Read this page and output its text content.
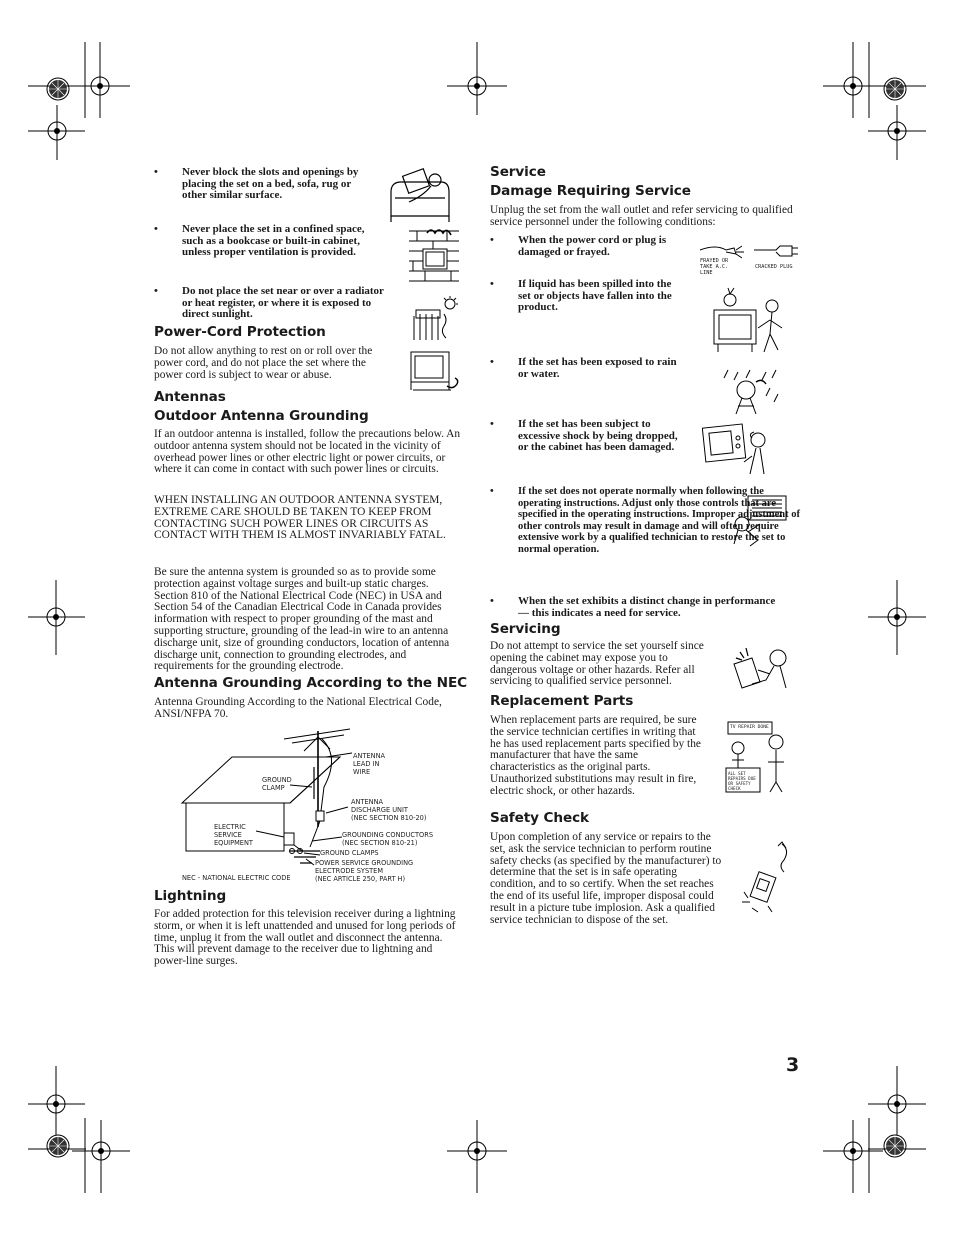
•	Never block the slots and openings by placing the set on a bed, sofa, rug or other similar surface.
•	Never place the set in a confined space, such as a bookcase or built-in cabinet, unless proper ventilation is provided.
•	Do not place the set near or over a radiator or heat register, or where it is exposed to direct sunlight.
Power-Cord Protection

Do not allow anything to rest on or roll over the power cord, and do not place the set where the power cord is subject to wear or abuse.

Antennas
Outdoor Antenna Grounding

If an outdoor antenna is installed, follow the precautions below. An outdoor antenna system should not be located in the vicinity of overhead power lines or other electric light or power circuits, or where it can come in contact with such power lines or circuits.

WHEN INSTALLING AN OUTDOOR ANTENNA SYSTEM, EXTREME CARE SHOULD BE TAKEN TO KEEP FROM CONTACTING SUCH POWER LINES OR CIRCUITS AS CONTACT WITH THEM IS ALMOST INVARIABLY FATAL.

Be sure the antenna system is grounded so as to provide some protection against voltage surges and built-up static charges. Section 810 of the National Electrical Code (NEC) in USA and Section 54 of the Canadian Electrical Code in Canada provides information with respect to proper grounding of the mast and supporting structure, grounding of the lead-in wire to an antenna discharge unit, size of grounding conductors, location of antenna discharge unit, connection to grounding electrodes, and requirements for the grounding electrode.

Antenna Grounding According to the NEC

Antenna Grounding According to the National Electrical Code, ANSI/NFPA 70.

ANTENNA
LEAD IN
WIRE
GROUND
CLAMP
ANTENNA
DISCHARGE UNIT
(NEC SECTION 810-20)
ELECTRIC
SERVICE
EQUIPMENT
GROUNDING CONDUCTORS
(NEC SECTION 810-21)
GROUND CLAMPS
POWER SERVICE GROUNDING
ELECTRODE SYSTEM
(NEC ARTICLE 250, PART H)
NEC - NATIONAL ELECTRIC CODE
Lightning

For added protection for this television receiver during a lightning storm, or when it is left unattended and unused for long periods of time, unplug it from the wall outlet and disconnect the antenna. This will prevent damage to the receiver due to lightning and power-line surges.

Service
Damage Requiring Service

Unplug the set from the wall outlet and refer servicing to qualified service personnel under the following conditions:

•	When the power cord or plug is damaged or frayed.
FRAYED OR TAKE A.C. LINE
CRACKED PLUG
•	If liquid has been spilled into the set or objects have fallen into the product.
•	If the set has been exposed to rain or water.
•	If the set has been subject to excessive shock by being dropped, or the cabinet has been damaged.
•	If the set does not operate normally when following the operating instructions. Adjust only those controls that are specified in the operating instructions. Improper adjustment of other controls may result in damage and will often require extensive work by a qualified technician to restore the set to normal operation.
•	When the set exhibits a distinct change in performance — this indicates a need for service.
Servicing

Do not attempt to service the set yourself since opening the cabinet may expose you to dangerous voltage or other hazards. Refer all servicing to qualified service personnel.

Replacement Parts

When replacement parts are required, be sure the service technician certifies in writing that he has used replacement parts specified by the manufacturer that have the same characteristics as the original parts. Unauthorized substitutions may result in fire, electric shock, or other hazards.

TV REPAIR DONE
ALL SET REPAIRS DUE OR SAFETY CHECK
Safety Check

Upon completion of any service or repairs to the set, ask the service technician to perform routine safety checks (as specified by the manufacturer) to determine that the set is in safe operating condition, and to so certify. When the set reaches the end of its useful life, improper disposal could result in a picture tube implosion. Ask a qualified service technician to dispose of the set.

3
